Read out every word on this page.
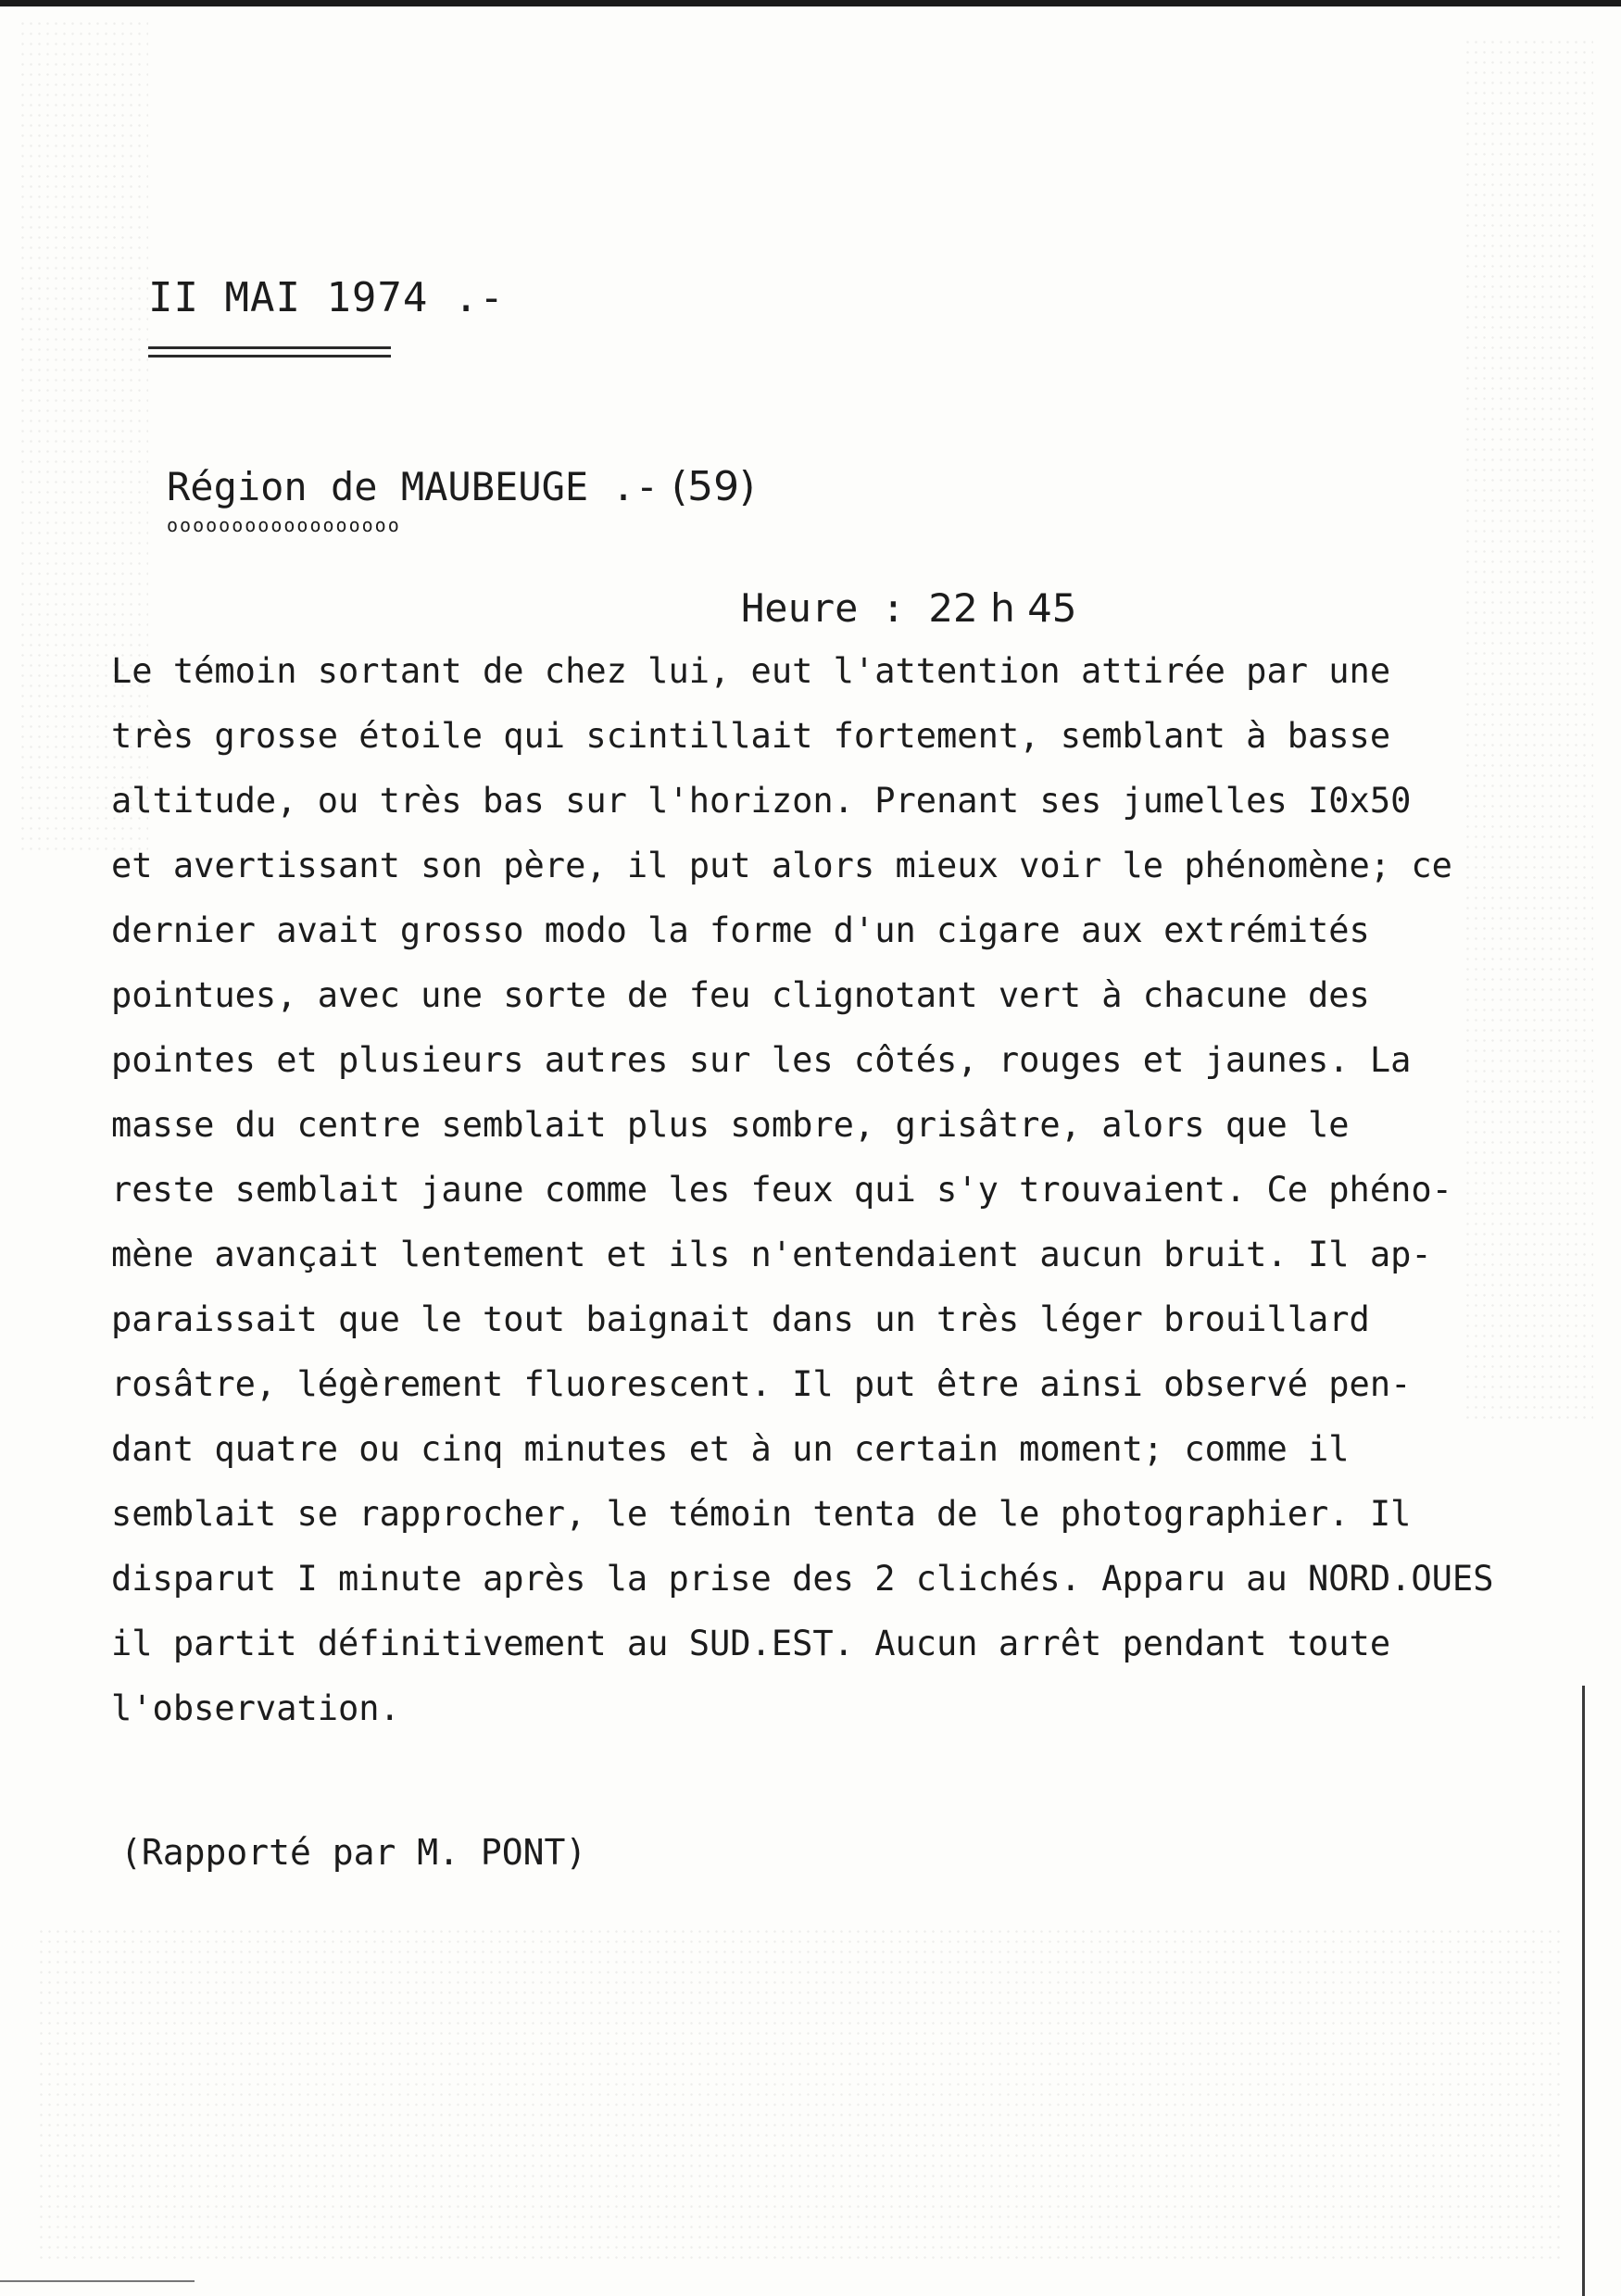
II MAI 1974 .-
Région de MAUBEUGE .- (59)
oooooooooooooooooo
Heure : 22 h 45
Le témoin sortant de chez lui, eut l'attention attirée par une
très grosse étoile qui scintillait fortement, semblant à basse
altitude, ou très bas sur l'horizon. Prenant ses jumelles I0x50
et avertissant son père, il put alors mieux voir le phénomène; ce
dernier avait grosso modo la forme d'un cigare aux extrémités
pointues, avec une sorte de feu clignotant vert à chacune des
pointes et plusieurs autres sur les côtés, rouges et jaunes. La
masse du centre semblait plus sombre, grisâtre, alors que le
reste semblait jaune comme les feux qui s'y trouvaient. Ce phéno-
mène avançait lentement et ils n'entendaient aucun bruit. Il ap-
paraissait que le tout baignait dans un très léger brouillard
rosâtre, légèrement fluorescent. Il put être ainsi observé pen-
dant quatre ou cinq minutes et à un certain moment; comme il
semblait se rapprocher, le témoin tenta de le photographier. Il
disparut I minute après la prise des 2 clichés. Apparu au NORD.OUES
il partit définitivement au SUD.EST. Aucun arrêt pendant toute
l'observation.
(Rapporté par M. PONT)
